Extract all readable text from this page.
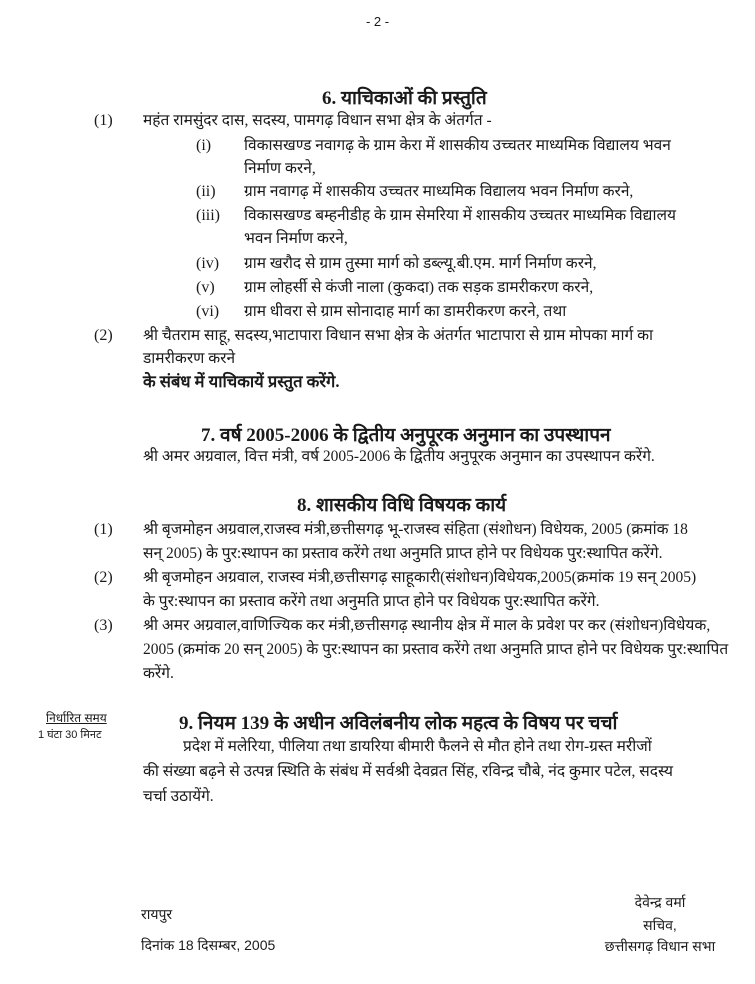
- 2 -
6. याचिकाओं की प्रस्तुति
(1) महंत रामसुंदर दास, सदस्य, पामगढ़ विधान सभा क्षेत्र के अंतर्गत -
(i) विकासखण्ड नवागढ़ के ग्राम केरा में शासकीय उच्चतर माध्यमिक विद्यालय भवन
निर्माण करने,
(ii) ग्राम नवागढ़ में शासकीय उच्चतर माध्यमिक विद्यालय भवन निर्माण करने,
(iii) विकासखण्ड बम्हनीडीह के ग्राम सेमरिया में शासकीय उच्चतर माध्यमिक विद्यालय
भवन निर्माण करने,
(iv) ग्राम खरौद से ग्राम तुस्मा मार्ग को डब्ल्यू.बी.एम. मार्ग निर्माण करने,
(v) ग्राम लोहर्सी से कंजी नाला (कुकदा) तक सड़क डामरीकरण करने,
(vi) ग्राम धीवरा से ग्राम सोनादाह मार्ग का डामरीकरण करने, तथा
(2) श्री चैतराम साहू, सदस्य,भाटापारा विधान सभा क्षेत्र के अंतर्गत भाटापारा से ग्राम मोपका मार्ग का
डामरीकरण करने
के संबंध में याचिकायें प्रस्तुत करेंगे.
7. वर्ष 2005-2006 के द्वितीय अनुपूरक अनुमान का उपस्थापन
श्री अमर अग्रवाल, वित्त मंत्री, वर्ष 2005-2006 के द्वितीय अनुपूरक अनुमान का उपस्थापन करेंगे.
8. शासकीय विधि विषयक कार्य
(1) श्री बृजमोहन अग्रवाल,राजस्व मंत्री,छत्तीसगढ़ भू-राजस्व संहिता (संशोधन) विधेयक, 2005 (क्रमांक 18
सन् 2005) के पुर:स्थापन का प्रस्ताव करेंगे तथा अनुमति प्राप्त होने पर विधेयक पुर:स्थापित करेंगे.
(2) श्री बृजमोहन अग्रवाल, राजस्व मंत्री,छत्तीसगढ़ साहूकारी(संशोधन)विधेयक,2005(क्रमांक 19 सन् 2005)
के पुर:स्थापन का प्रस्ताव करेंगे तथा अनुमति प्राप्त होने पर विधेयक पुर:स्थापित करेंगे.
(3) श्री अमर अग्रवाल,वाणिज्यिक कर मंत्री,छत्तीसगढ़ स्थानीय क्षेत्र में माल के प्रवेश पर कर (संशोधन)विधेयक,
2005 (क्रमांक 20 सन् 2005) के पुर:स्थापन का प्रस्ताव करेंगे तथा अनुमति प्राप्त होने पर विधेयक पुर:स्थापित
करेंगे.
निर्धारित समय
1 घंटा 30 मिनट
9. नियम 139 के अधीन अविलंबनीय लोक महत्व के विषय पर चर्चा
प्रदेश में मलेरिया, पीलिया तथा डायरिया बीमारी फैलने से मौत होने तथा रोग-ग्रस्त मरीजों
की संख्या बढ़ने से उत्पन्न स्थिति के संबंध में सर्वश्री देवव्रत सिंह, रविन्द्र चौबे, नंद कुमार पटेल, सदस्य
चर्चा उठायेंगे.
रायपुर
दिनांक 18 दिसम्बर, 2005
देवेन्द्र वर्मा
सचिव,
छत्तीसगढ़ विधान सभा
